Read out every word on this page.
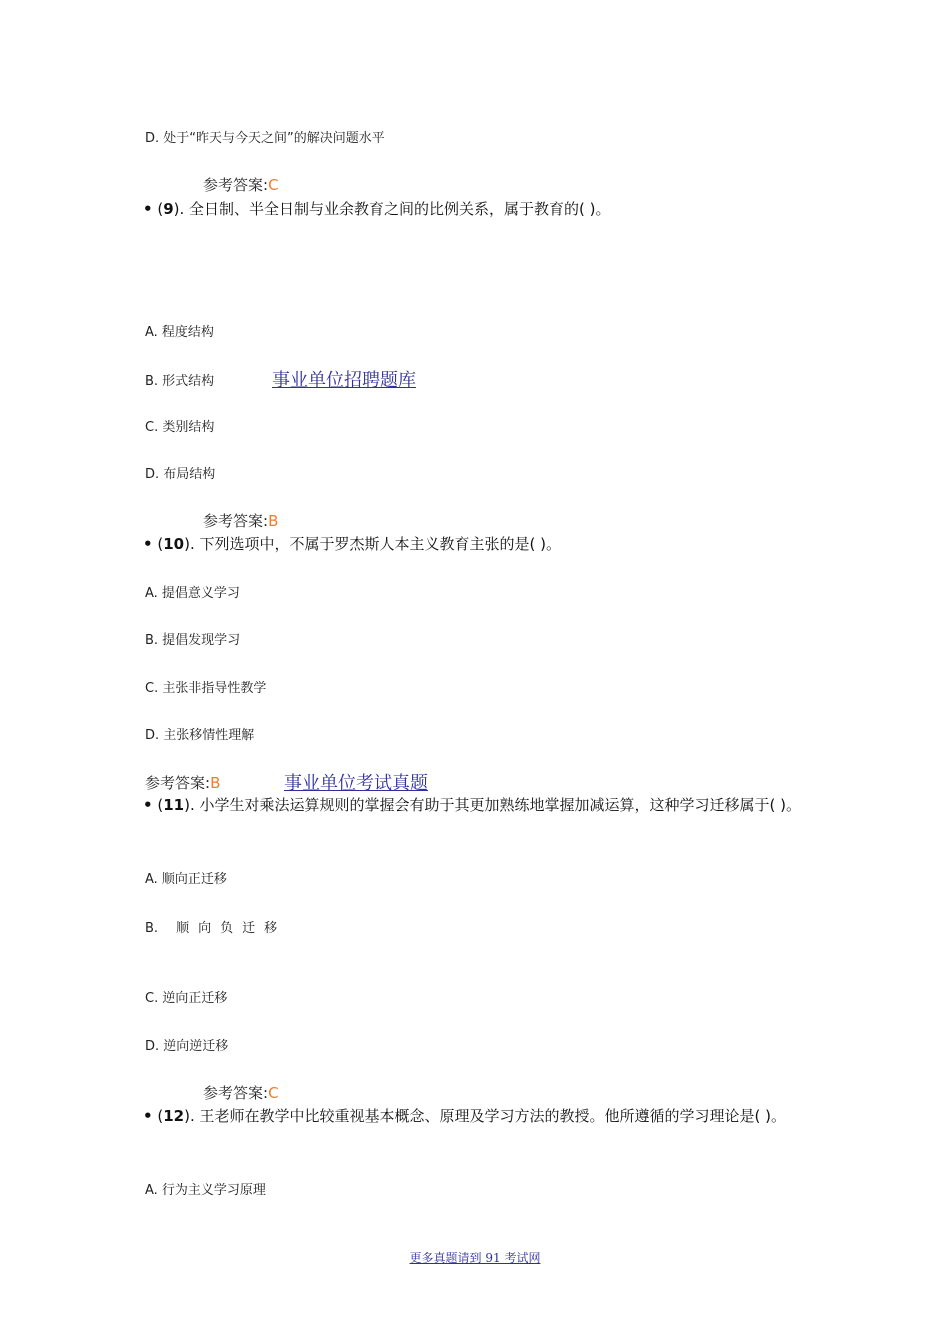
D. 处于“昨天与今天之间”的解决问题水平
参考答案:C
• (9). 全日制、半全日制与业余教育之间的比例关系，属于教育的( )。
A. 程度结构
B. 形式结构	事业单位招聘题库
C. 类别结构
D. 布局结构
参考答案:B
• (10). 下列选项中，不属于罗杰斯人本主义教育主张的是( )。
A. 提倡意义学习
B. 提倡发现学习
C. 主张非指导性教学
D. 主张移情性理解
参考答案:B	事业单位考试真题
• (11). 小学生对乘法运算规则的掌握会有助于其更加熟练地掌握加减运算，这种学习迁移属于( )。
A. 顺向正迁移
B. 顺向负迁移
C. 逆向正迁移
D. 逆向逆迁移
参考答案:C
• (12). 王老师在教学中比较重视基本概念、原理及学习方法的教授。他所遵循的学习理论是( )。
A. 行为主义学习原理
更多真题请到 91 考试网
